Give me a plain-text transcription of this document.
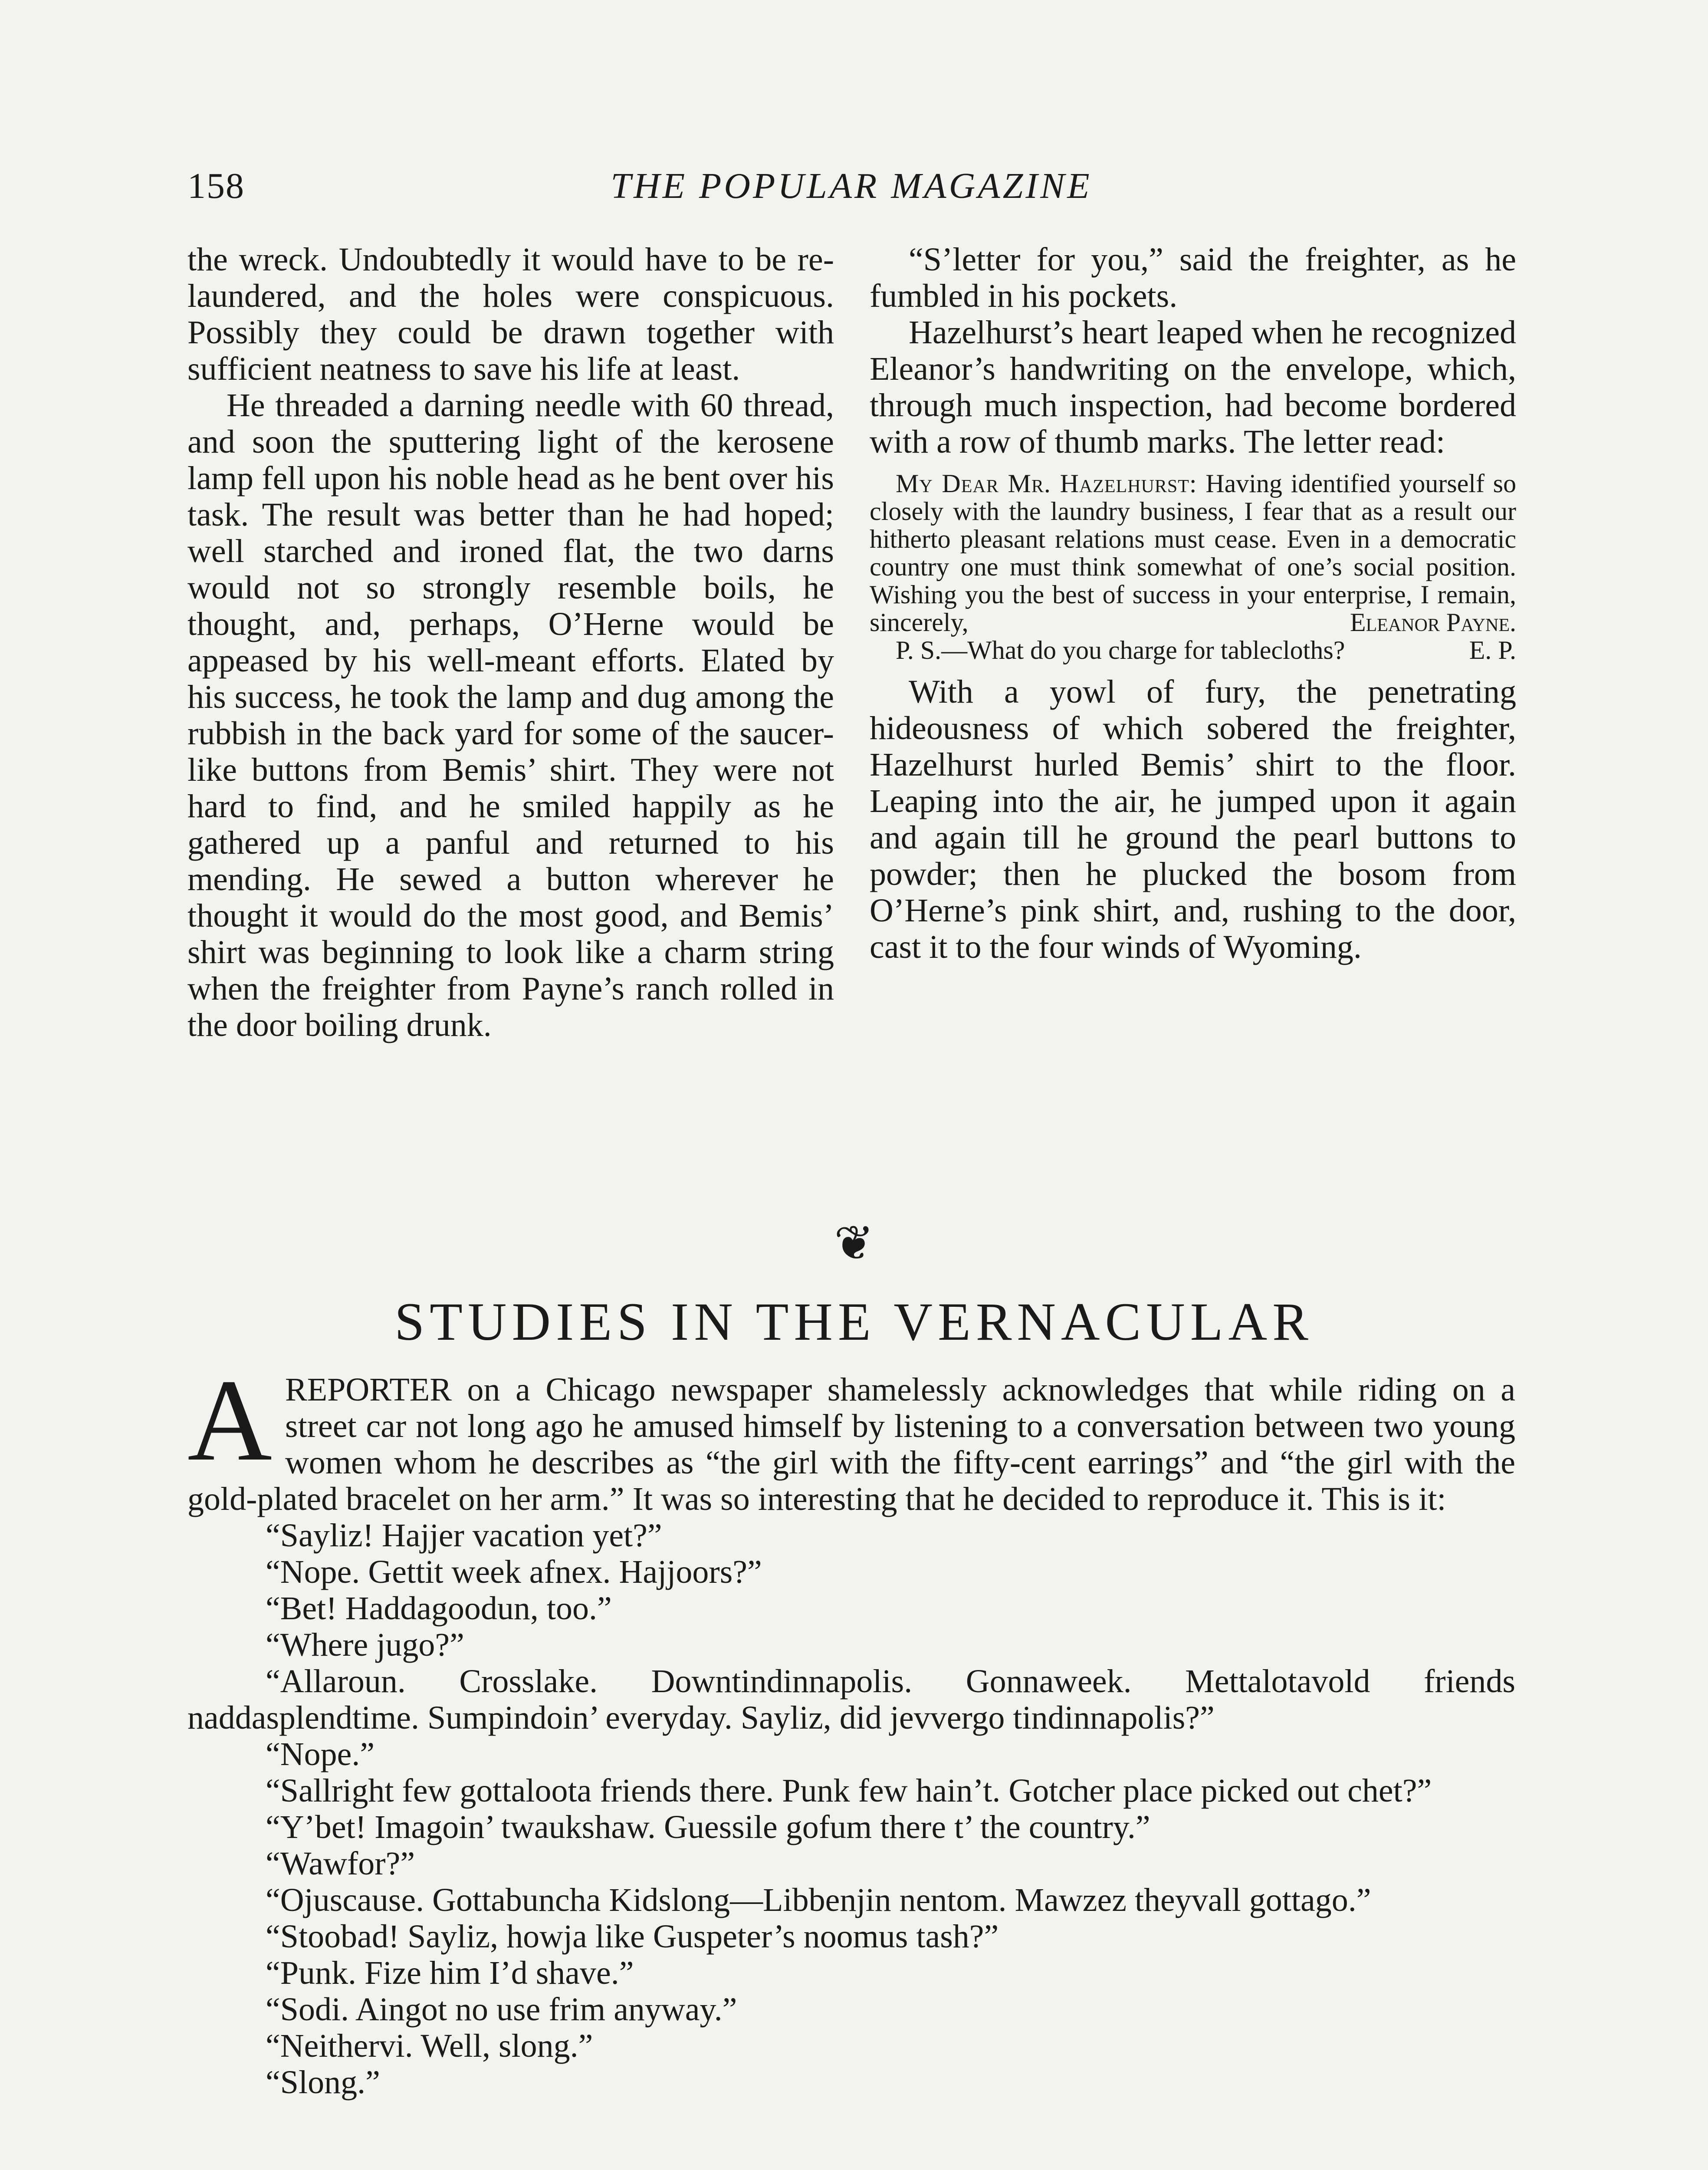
158	THE POPULAR MAGAZINE

the wreck. Undoubtedly it would have to be re-laundered, and the holes were conspicuous. Possibly they could be drawn together with sufficient neatness to save his life at least.

He threaded a darning needle with 60 thread, and soon the sputtering light of the kerosene lamp fell upon his noble head as he bent over his task. The result was better than he had hoped; well starched and ironed flat, the two darns would not so strongly resemble boils, he thought, and, perhaps, O’Herne would be appeased by his well-meant efforts. Elated by his success, he took the lamp and dug among the rubbish in the back yard for some of the saucer-like buttons from Bemis’ shirt. They were not hard to find, and he smiled happily as he gathered up a panful and returned to his mending. He sewed a button wherever he thought it would do the most good, and Bemis’ shirt was beginning to look like a charm string when the freighter from Payne’s ranch rolled in the door boiling drunk.

“S’letter for you,” said the freighter, as he fumbled in his pockets.

Hazelhurst’s heart leaped when he recognized Eleanor’s handwriting on the envelope, which, through much inspection, had become bordered with a row of thumb marks. The letter read:

My Dear Mr. Hazelhurst: Having identified yourself so closely with the laundry business, I fear that as a result our hitherto pleasant relations must cease. Even in a democratic country one must think somewhat of one’s social position. Wishing you the best of success in your enterprise, I remain, sincerely,	Eleanor Payne.

P. S.—What do you charge for tablecloths?	E. P.

With a yowl of fury, the penetrating hideousness of which sobered the freighter, Hazelhurst hurled Bemis’ shirt to the floor. Leaping into the air, he jumped upon it again and again till he ground the pearl buttons to powder; then he plucked the bosom from O’Herne’s pink shirt, and, rushing to the door, cast it to the four winds of Wyoming.

❦
STUDIES IN THE VERNACULAR

AREPORTER on a Chicago newspaper shamelessly acknowledges that while riding on a street car not long ago he amused himself by listening to a conversation between two young women whom he describes as “the girl with the fifty-cent earrings” and “the girl with the gold-plated bracelet on her arm.” It was so interesting that he decided to reproduce it. This is it:

“Sayliz! Hajjer vacation yet?”

“Nope. Gettit week afnex. Hajjoors?”

“Bet! Haddagoodun, too.”

“Where jugo?”

“Allaroun. Crosslake. Downtindinnapolis. Gonnaweek. Mettalotavold friends naddasplendtime. Sumpindoin’ everyday. Sayliz, did jevvergo tindinnapolis?”

“Nope.”

“Sallright few gottaloota friends there. Punk few hain’t. Gotcher place picked out chet?”

“Y’bet! Imagoin’ twaukshaw. Guessile gofum there t’ the country.”

“Wawfor?”

“Ojuscause. Gottabuncha Kidslong—Libbenjin nentom. Mawzez theyvall gottago.”

“Stoobad! Sayliz, howja like Guspeter’s noomus tash?”

“Punk. Fize him I’d shave.”

“Sodi. Aingot no use frim anyway.”

“Neithervi. Well, slong.”

“Slong.”
